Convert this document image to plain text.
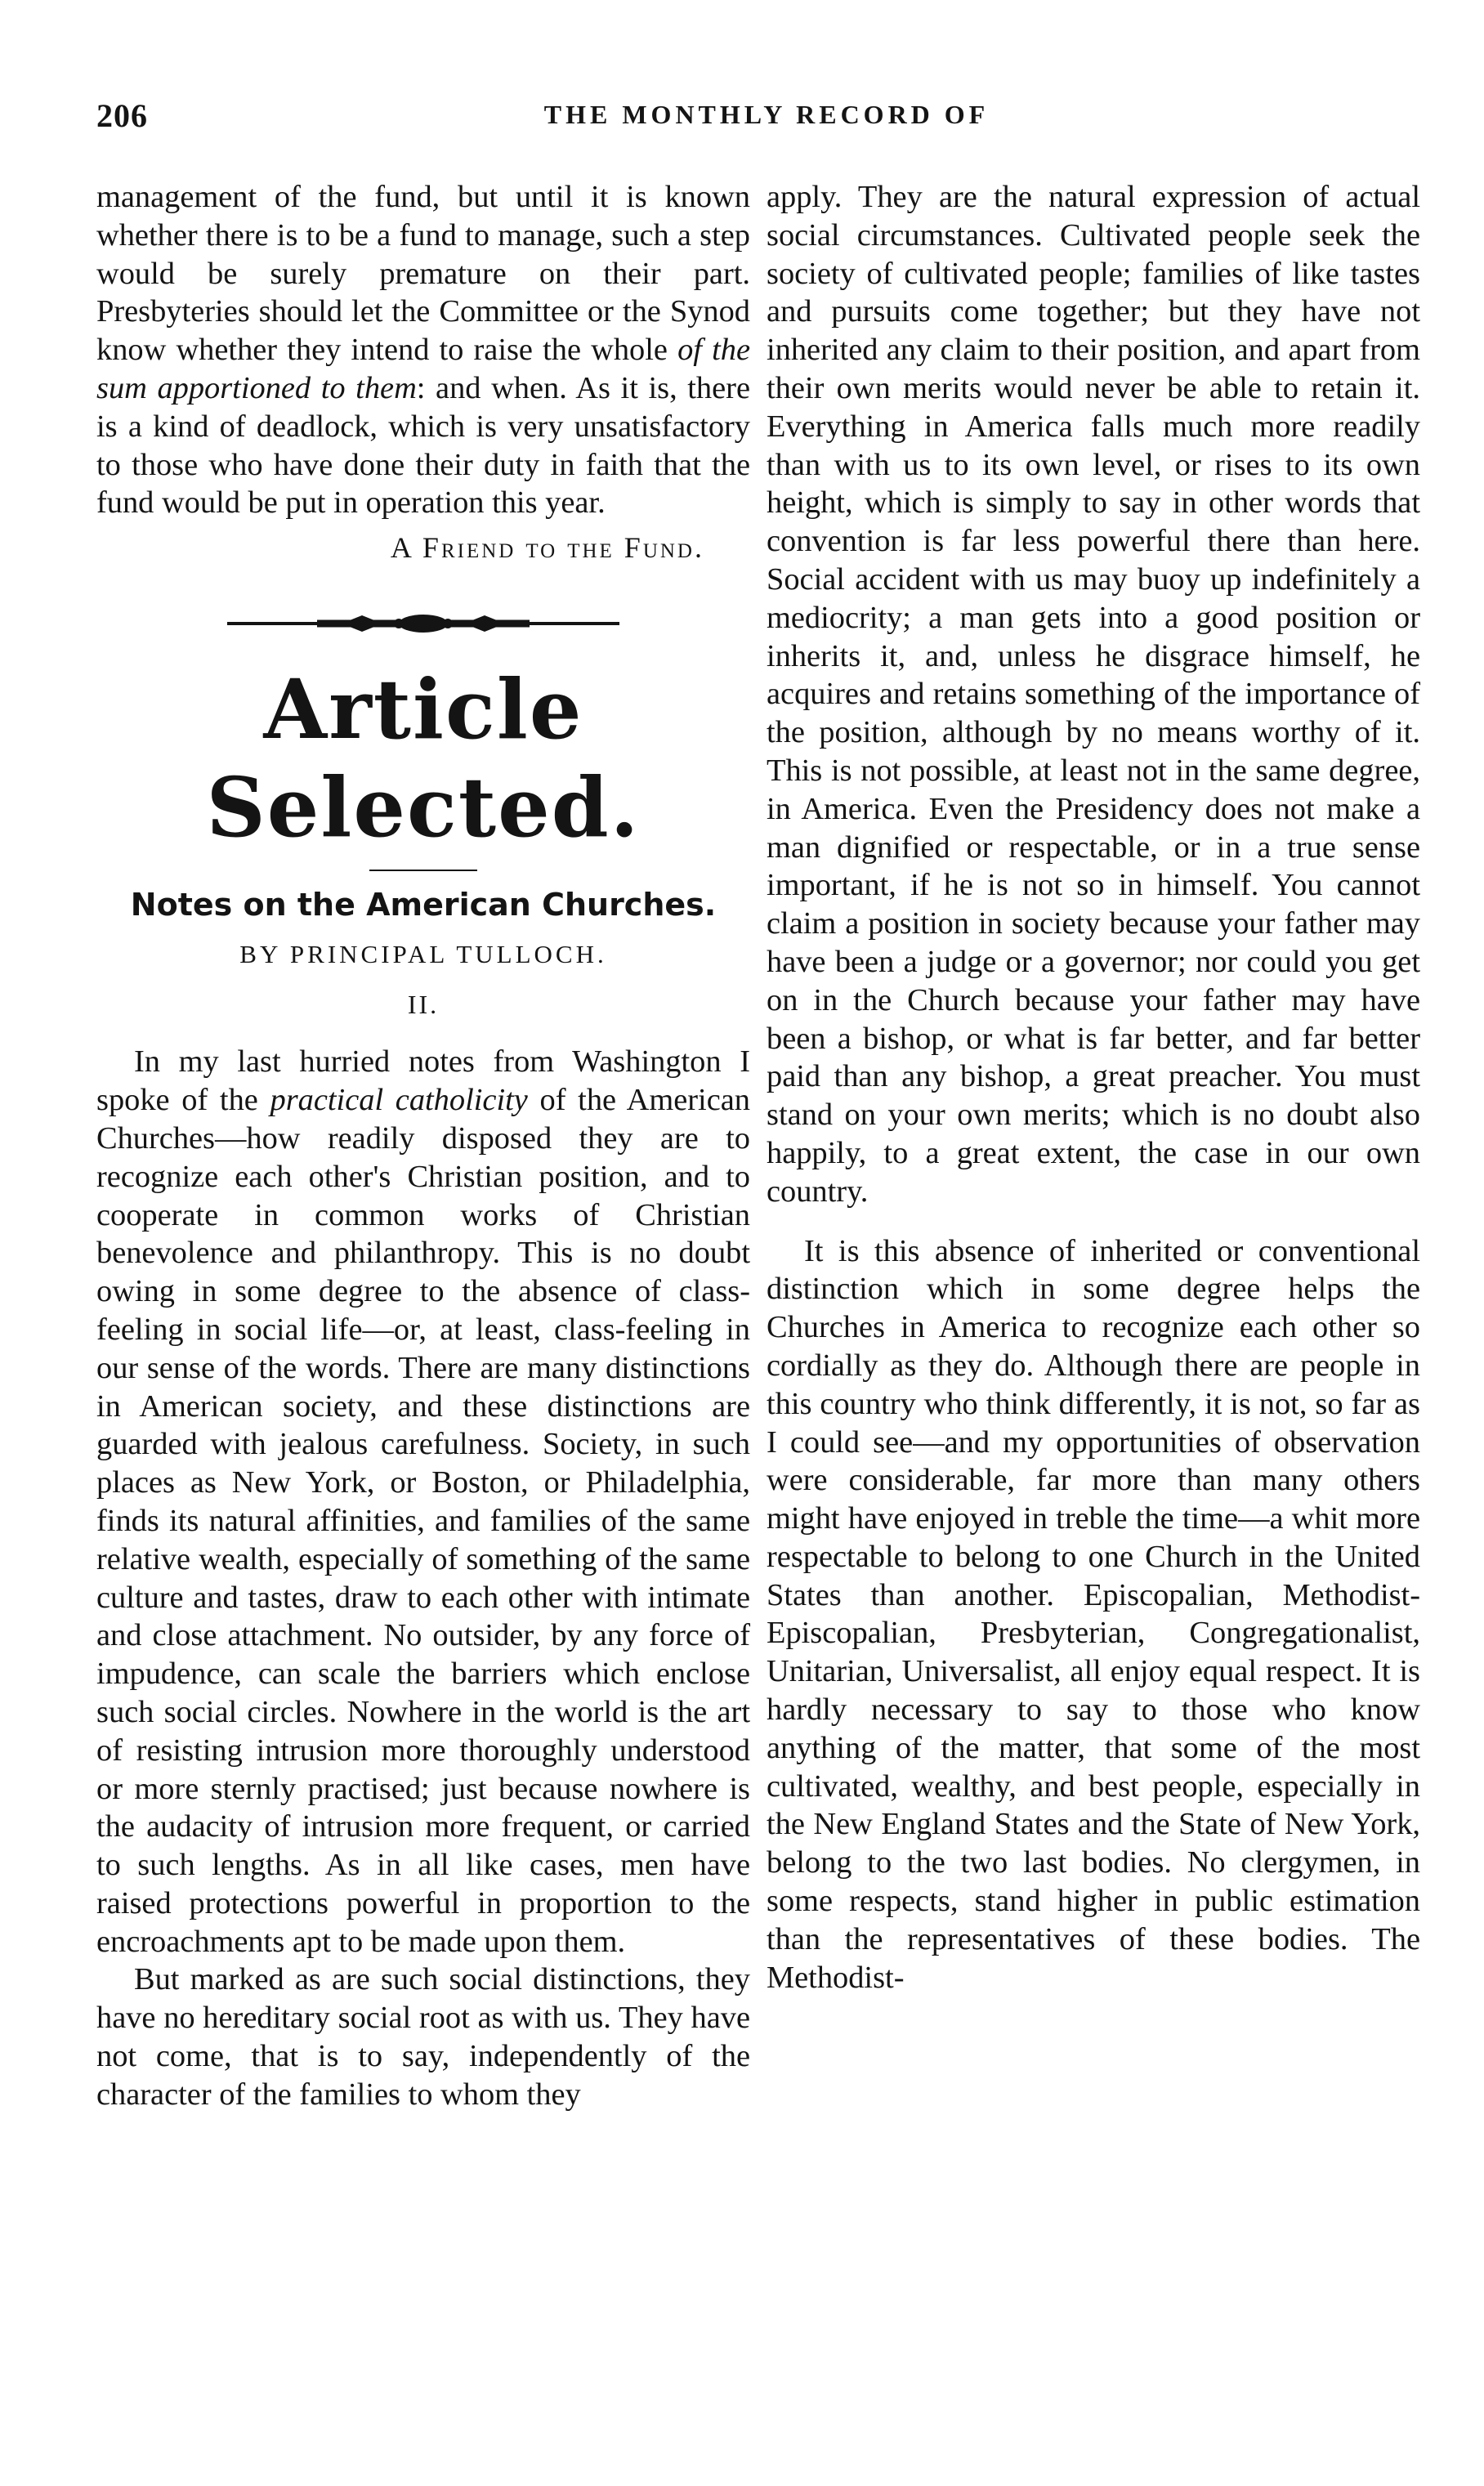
206	THE MONTHLY RECORD OF

management of the fund, but until it is known whether there is to be a fund to manage, such a step would be surely premature on their part. Presbyteries should let the Committee or the Synod know whether they intend to raise the whole of the sum apportioned to them: and when. As it is, there is a kind of deadlock, which is very unsatisfactory to those who have done their duty in faith that the fund would be put in operation this year.

A Friend to the Fund.
Article Selected.
Notes on the American Churches.
BY PRINCIPAL TULLOCH.
II.

In my last hurried notes from Washington I spoke of the practical catholicity of the American Churches—how readily disposed they are to recognize each other's Christian position, and to cooperate in common works of Christian benevolence and philanthropy. This is no doubt owing in some degree to the absence of class-feeling in social life—or, at least, class-feeling in our sense of the words. There are many distinctions in American society, and these distinctions are guarded with jealous carefulness. Society, in such places as New York, or Boston, or Philadelphia, finds its natural affinities, and families of the same relative wealth, especially of something of the same culture and tastes, draw to each other with intimate and close attachment. No outsider, by any force of impudence, can scale the barriers which enclose such social circles. Nowhere in the world is the art of resisting intrusion more thoroughly understood or more sternly practised; just because nowhere is the audacity of intrusion more frequent, or carried to such lengths. As in all like cases, men have raised protections powerful in proportion to the encroachments apt to be made upon them.

But marked as are such social distinctions, they have no hereditary social root as with us. They have not come, that is to say, independently of the character of the families to whom they

apply. They are the natural expression of actual social circumstances. Cultivated people seek the society of cultivated people; families of like tastes and pursuits come together; but they have not inherited any claim to their position, and apart from their own merits would never be able to retain it. Everything in America falls much more readily than with us to its own level, or rises to its own height, which is simply to say in other words that convention is far less powerful there than here. Social accident with us may buoy up indefinitely a mediocrity; a man gets into a good position or inherits it, and, unless he disgrace himself, he acquires and retains something of the importance of the position, although by no means worthy of it. This is not possible, at least not in the same degree, in America. Even the Presidency does not make a man dignified or respectable, or in a true sense important, if he is not so in himself. You cannot claim a position in society because your father may have been a judge or a governor; nor could you get on in the Church because your father may have been a bishop, or what is far better, and far better paid than any bishop, a great preacher. You must stand on your own merits; which is no doubt also happily, to a great extent, the case in our own country.

It is this absence of inherited or conventional distinction which in some degree helps the Churches in America to recognize each other so cordially as they do. Although there are people in this country who think differently, it is not, so far as I could see—and my opportunities of observation were considerable, far more than many others might have enjoyed in treble the time—a whit more respectable to belong to one Church in the United States than another. Episcopalian, Methodist-Episcopalian, Presbyterian, Congregationalist, Unitarian, Universalist, all enjoy equal respect. It is hardly necessary to say to those who know anything of the matter, that some of the most cultivated, wealthy, and best people, especially in the New England States and the State of New York, belong to the two last bodies. No clergymen, in some respects, stand higher in public estimation than the representatives of these bodies. The Methodist-
